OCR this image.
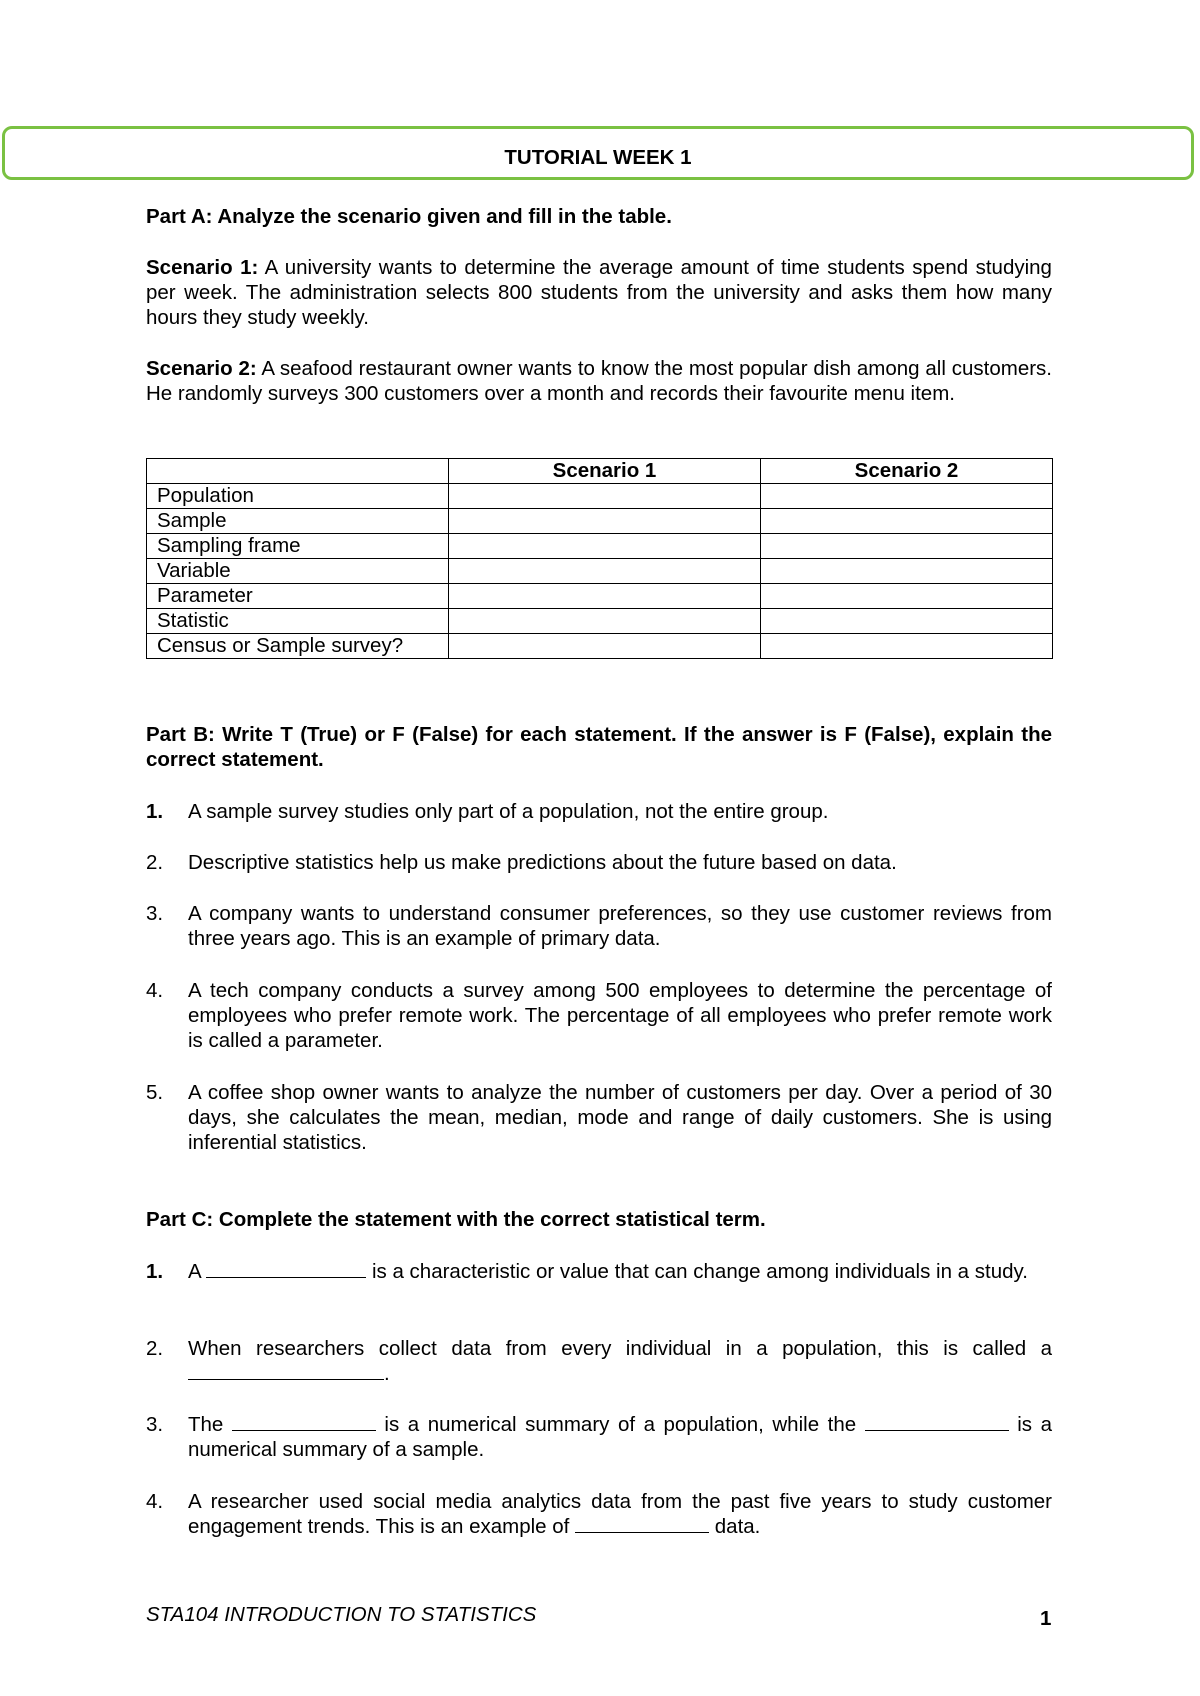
TUTORIAL WEEK 1
Part A: Analyze the scenario given and fill in the table.

Scenario 1: A university wants to determine the average amount of time students spend studying per week. The administration selects 800 students from the university and asks them how many hours they study weekly.

Scenario 2: A seafood restaurant owner wants to know the most popular dish among all customers. He randomly surveys 300 customers over a month and records their favourite menu item.

	Scenario 1	Scenario 2
Population		
Sample		
Sampling frame		
Variable		
Parameter		
Statistic		
Census or Sample survey?		
Part B: Write T (True) or F (False) for each statement. If the answer is F (False), explain the correct statement.
1.	A sample survey studies only part of a population, not the entire group.
2.	Descriptive statistics help us make predictions about the future based on data.
3.	A company wants to understand consumer preferences, so they use customer reviews from three years ago. This is an example of primary data.
4.	A tech company conducts a survey among 500 employees to determine the percentage of employees who prefer remote work. The percentage of all employees who prefer remote work is called a parameter.
5.	A coffee shop owner wants to analyze the number of customers per day. Over a period of 30 days, she calculates the mean, median, mode and range of daily customers. She is using inferential statistics.
Part C: Complete the statement with the correct statistical term.
1.	A	is a characteristic or value that can change among individuals in a study.
2.	When researchers collect data from every individual in a population, this is called a .
3.	The	is a numerical summary of a population, while the	is a numerical summary of a sample.
4.	A researcher used social media analytics data from the past five years to study customer engagement trends. This is an example of	data.
STA104 INTRODUCTION TO STATISTICS	1
